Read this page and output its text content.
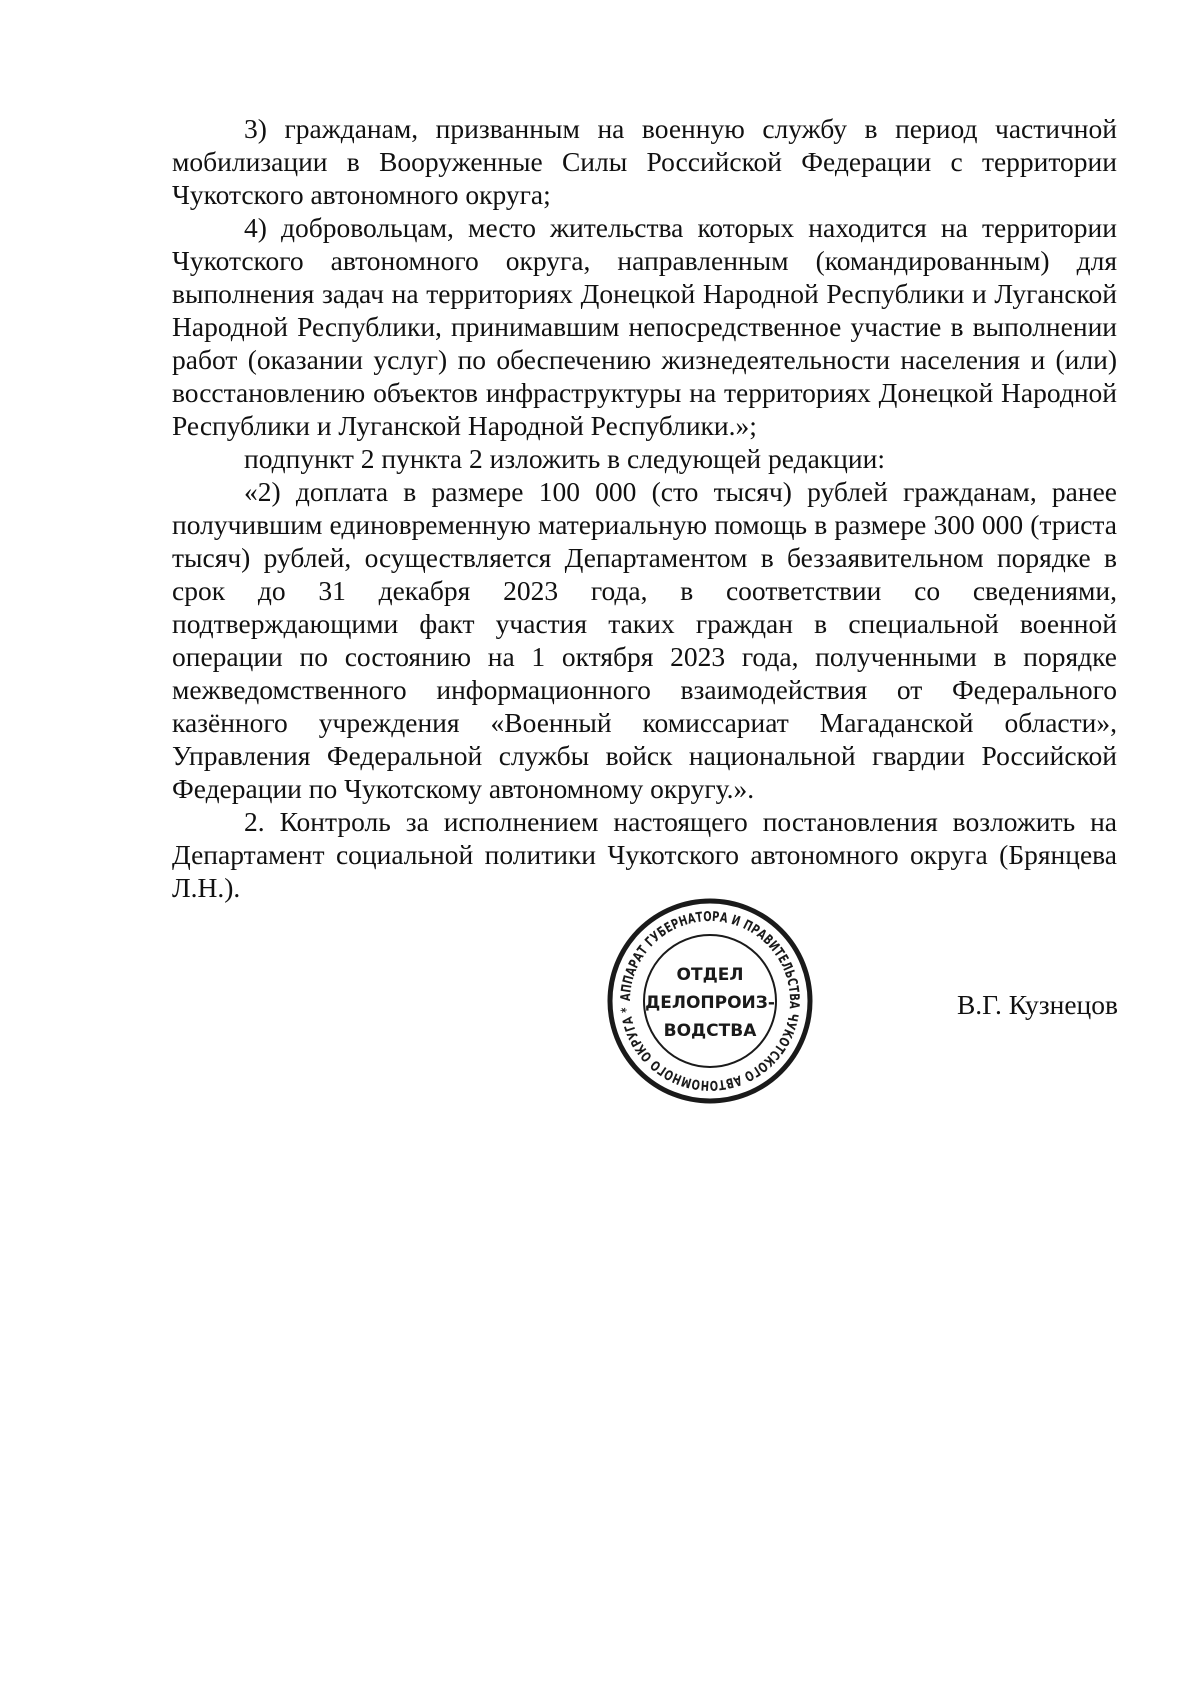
3) гражданам, призванным на военную службу в период частичной мобилизации в Вооруженные Силы Российской Федерации с территории Чукотского автономного округа;

4) добровольцам, место жительства которых находится на территории Чукотского автономного округа, направленным (командированным) для выполнения задач на территориях Донецкой Народной Республики и Луганской Народной Республики, принимавшим непосредственное участие в выполнении работ (оказании услуг) по обеспечению жизнедеятельности населения и (или) восстановлению объектов инфраструктуры на территориях Донецкой Народной Республики и Луганской Народной Республики.»;

подпункт 2 пункта 2 изложить в следующей редакции:

«2) доплата в размере 100 000 (сто тысяч) рублей гражданам, ранее получившим единовременную материальную помощь в размере 300 000 (триста тысяч) рублей, осуществляется Департаментом в беззаявительном порядке в срок до 31 декабря 2023 года, в соответствии со сведениями, подтверждающими факт участия таких граждан в специальной военной операции по состоянию на 1 октября 2023 года, полученными в порядке межведомственного информационного взаимодействия от Федерального казённого учреждения «Военный комиссариат Магаданской области», Управления Федеральной службы войск национальной гвардии Российской Федерации по Чукотскому автономному округу.».

2. Контроль за исполнением настоящего постановления возложить на Департамент социальной политики Чукотского автономного округа (Брянцева Л.Н.).

АППАРАТ ГУБЕРНАТОРА И ПРАВИТЕЛЬСТВА ЧУКОТСКОГО АВТОНОМНОГО ОКРУГА *
ОТДЕЛ
ДЕЛОПРОИЗ-
ВОДСТВА
В.Г. Кузнецов
